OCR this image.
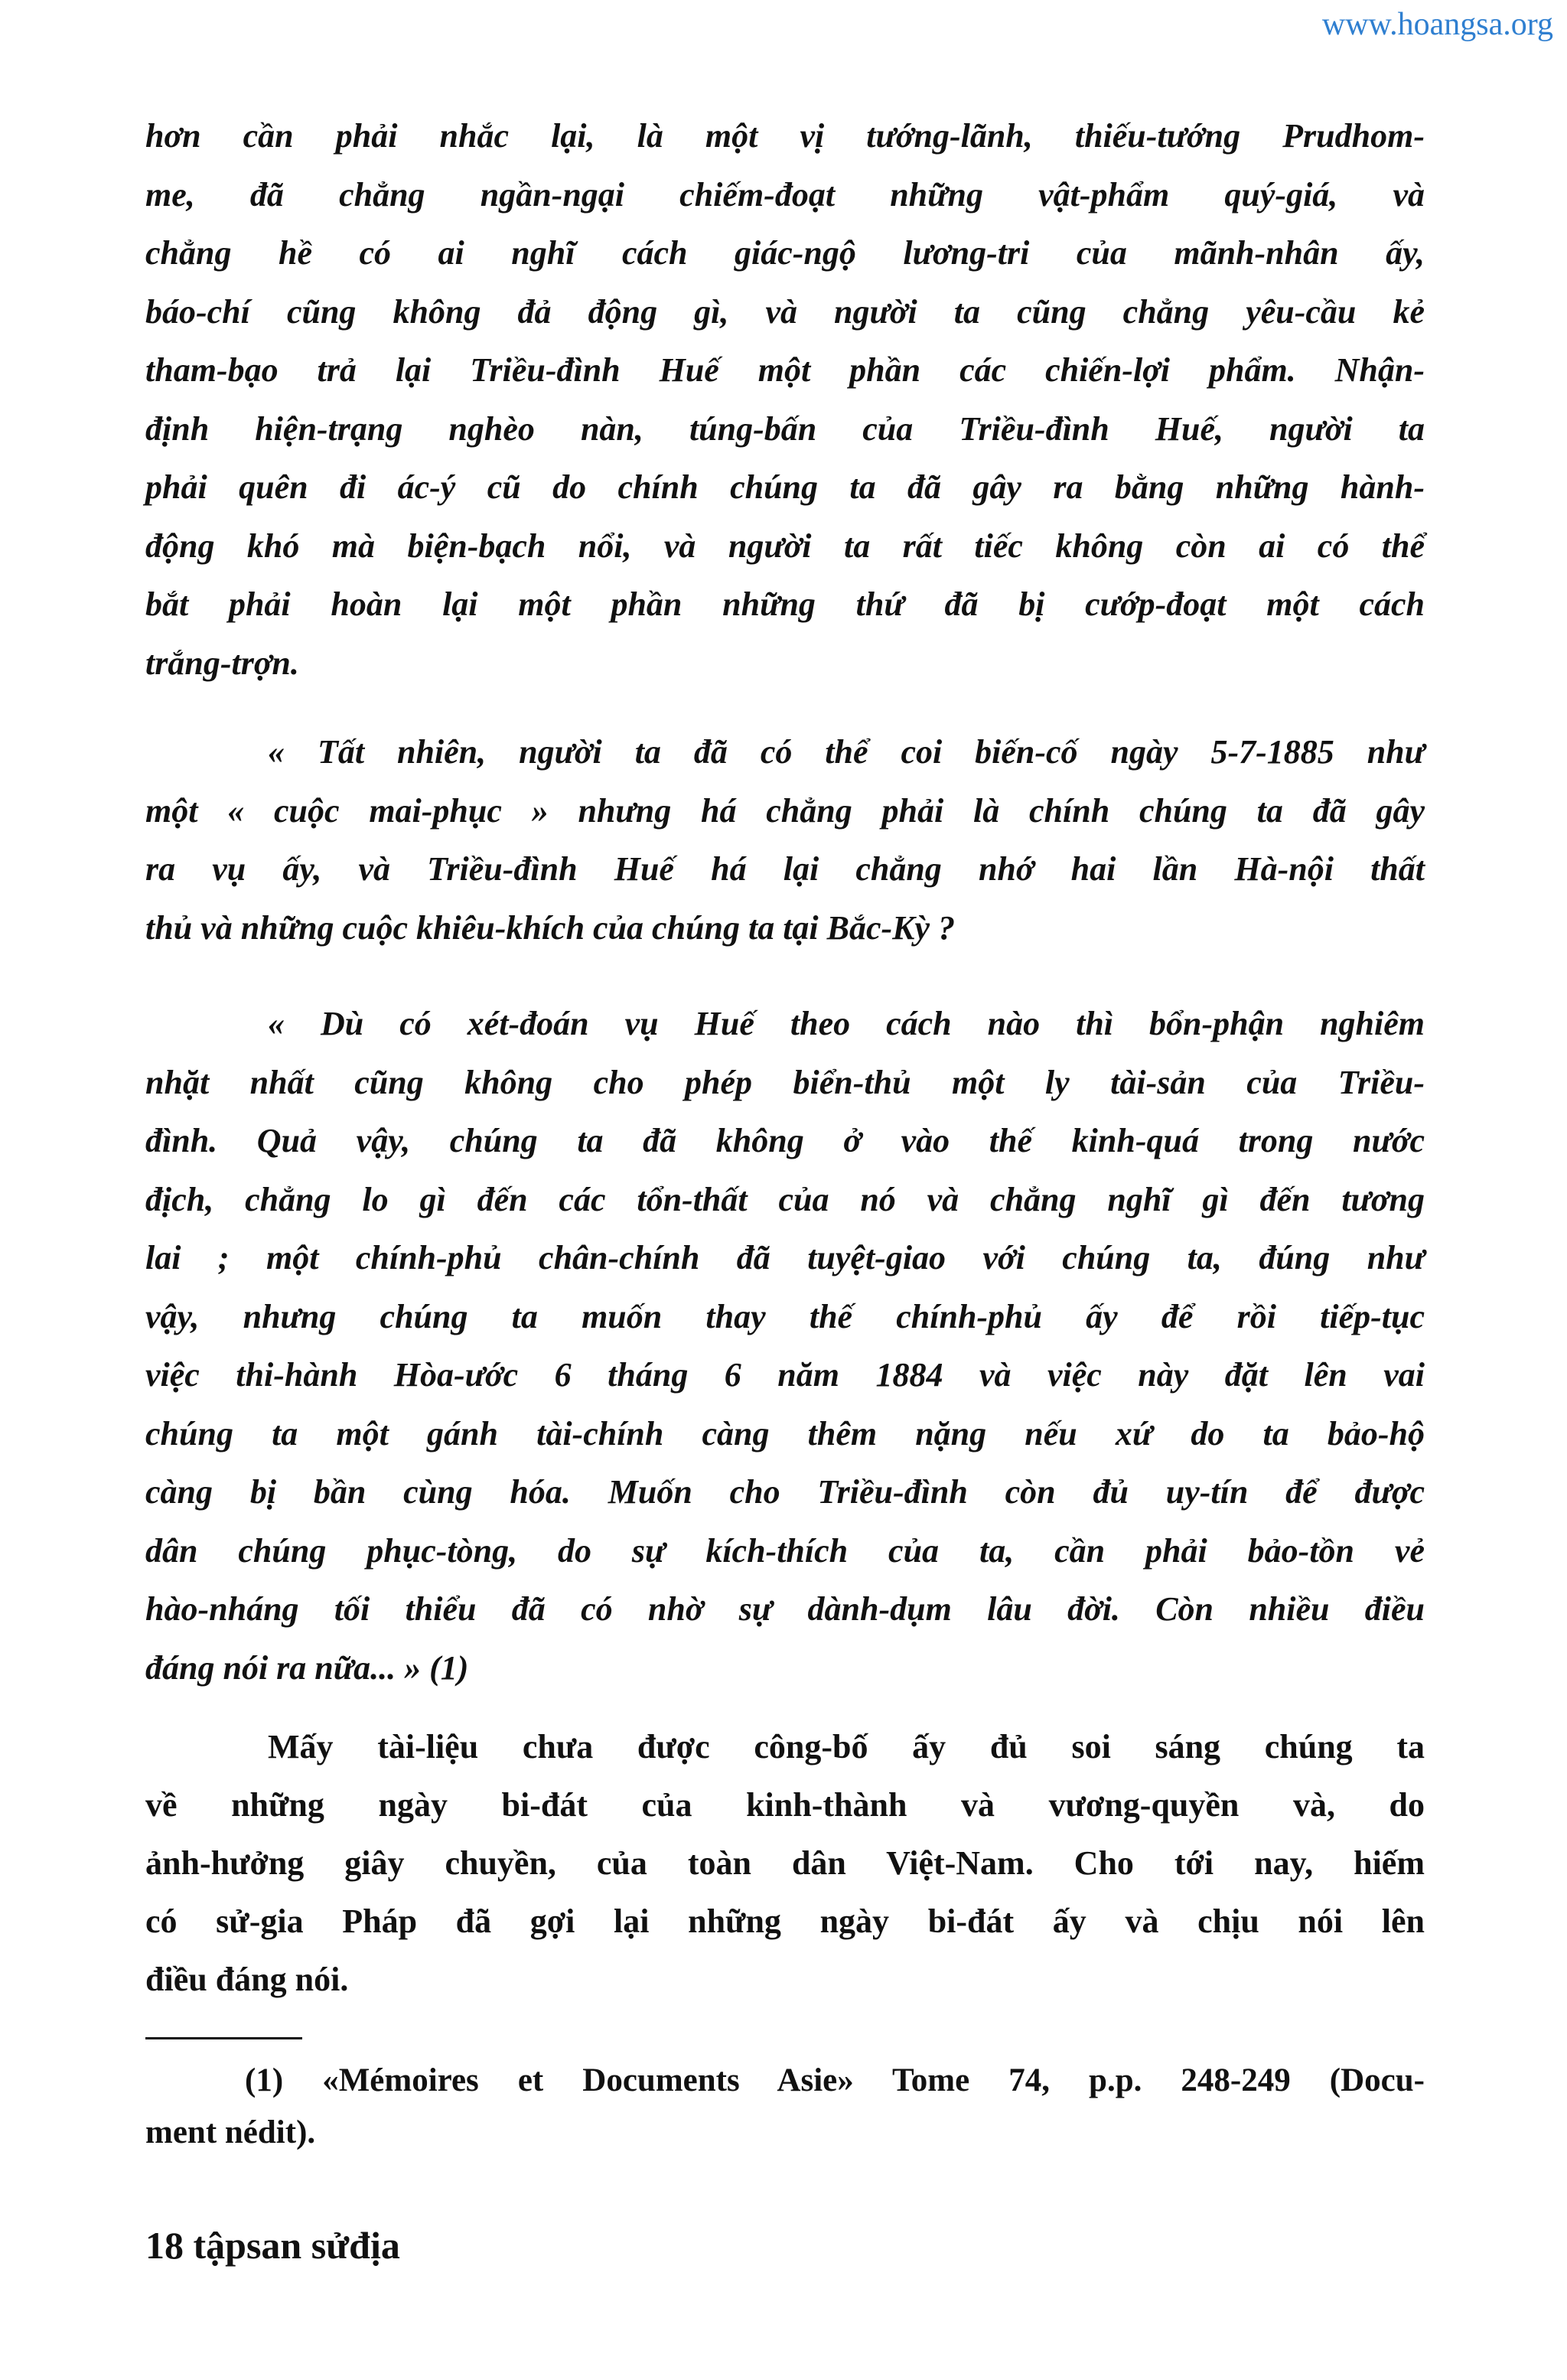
www.hoangsa.org
hơn cần phải nhắc lại, là một vị tướng-lãnh, thiếu-tướng Prudhom-
me, đã chẳng ngần-ngại chiếm-đoạt những vật-phẩm quý-giá, và
chẳng hề có ai nghĩ cách giác-ngộ lương-tri của mãnh-nhân ấy,
báo-chí cũng không đả động gì, và người ta cũng chẳng yêu-cầu kẻ
tham-bạo trả lại Triều-đình Huế một phần các chiến-lợi phẩm. Nhận-
định hiện-trạng nghèo nàn, túng-bấn của Triều-đình Huế, người ta
phải quên đi ác-ý cũ do chính chúng ta đã gây ra bằng những hành-
động khó mà biện-bạch nổi, và người ta rất tiếc không còn ai có thể
bắt phải hoàn lại một phần những thứ đã bị cướp-đoạt một cách
trắng-trợn.
« Tất nhiên, người ta đã có thể coi biến-cố ngày 5-7-1885 như
một « cuộc mai-phục » nhưng há chẳng phải là chính chúng ta đã gây
ra vụ ấy, và Triều-đình Huế há lại chẳng nhớ hai lần Hà-nội thất
thủ và những cuộc khiêu-khích của chúng ta tại Bắc-Kỳ ?
« Dù có xét-đoán vụ Huế theo cách nào thì bổn-phận nghiêm
nhặt nhất cũng không cho phép biển-thủ một ly tài-sản của Triều-
đình. Quả vậy, chúng ta đã không ở vào thế kinh-quá trong nước
địch, chẳng lo gì đến các tổn-thất của nó và chẳng nghĩ gì đến tương
lai ; một chính-phủ chân-chính đã tuyệt-giao với chúng ta, đúng như
vậy, nhưng chúng ta muốn thay thế chính-phủ ấy để rồi tiếp-tục
việc thi-hành Hòa-ước 6 tháng 6 năm 1884 và việc này đặt lên vai
chúng ta một gánh tài-chính càng thêm nặng nếu xứ do ta bảo-hộ
càng bị bần cùng hóa. Muốn cho Triều-đình còn đủ uy-tín để được
dân chúng phục-tòng, do sự kích-thích của ta, cần phải bảo-tồn vẻ
hào-nháng tối thiểu đã có nhờ sự dành-dụm lâu đời. Còn nhiều điều
đáng nói ra nữa... » (1)
Mấy tài-liệu chưa được công-bố ấy đủ soi sáng chúng ta
về những ngày bi-đát của kinh-thành và vương-quyền và, do
ảnh-hưởng giây chuyền, của toàn dân Việt-Nam. Cho tới nay, hiếm
có sử-gia Pháp đã gợi lại những ngày bi-đát ấy và chịu nói lên
điều đáng nói.
(1) «Mémoires et Documents Asie» Tome 74, p.p. 248-249 (Docu-
ment nédit).
18 tậpsan sửđịa
